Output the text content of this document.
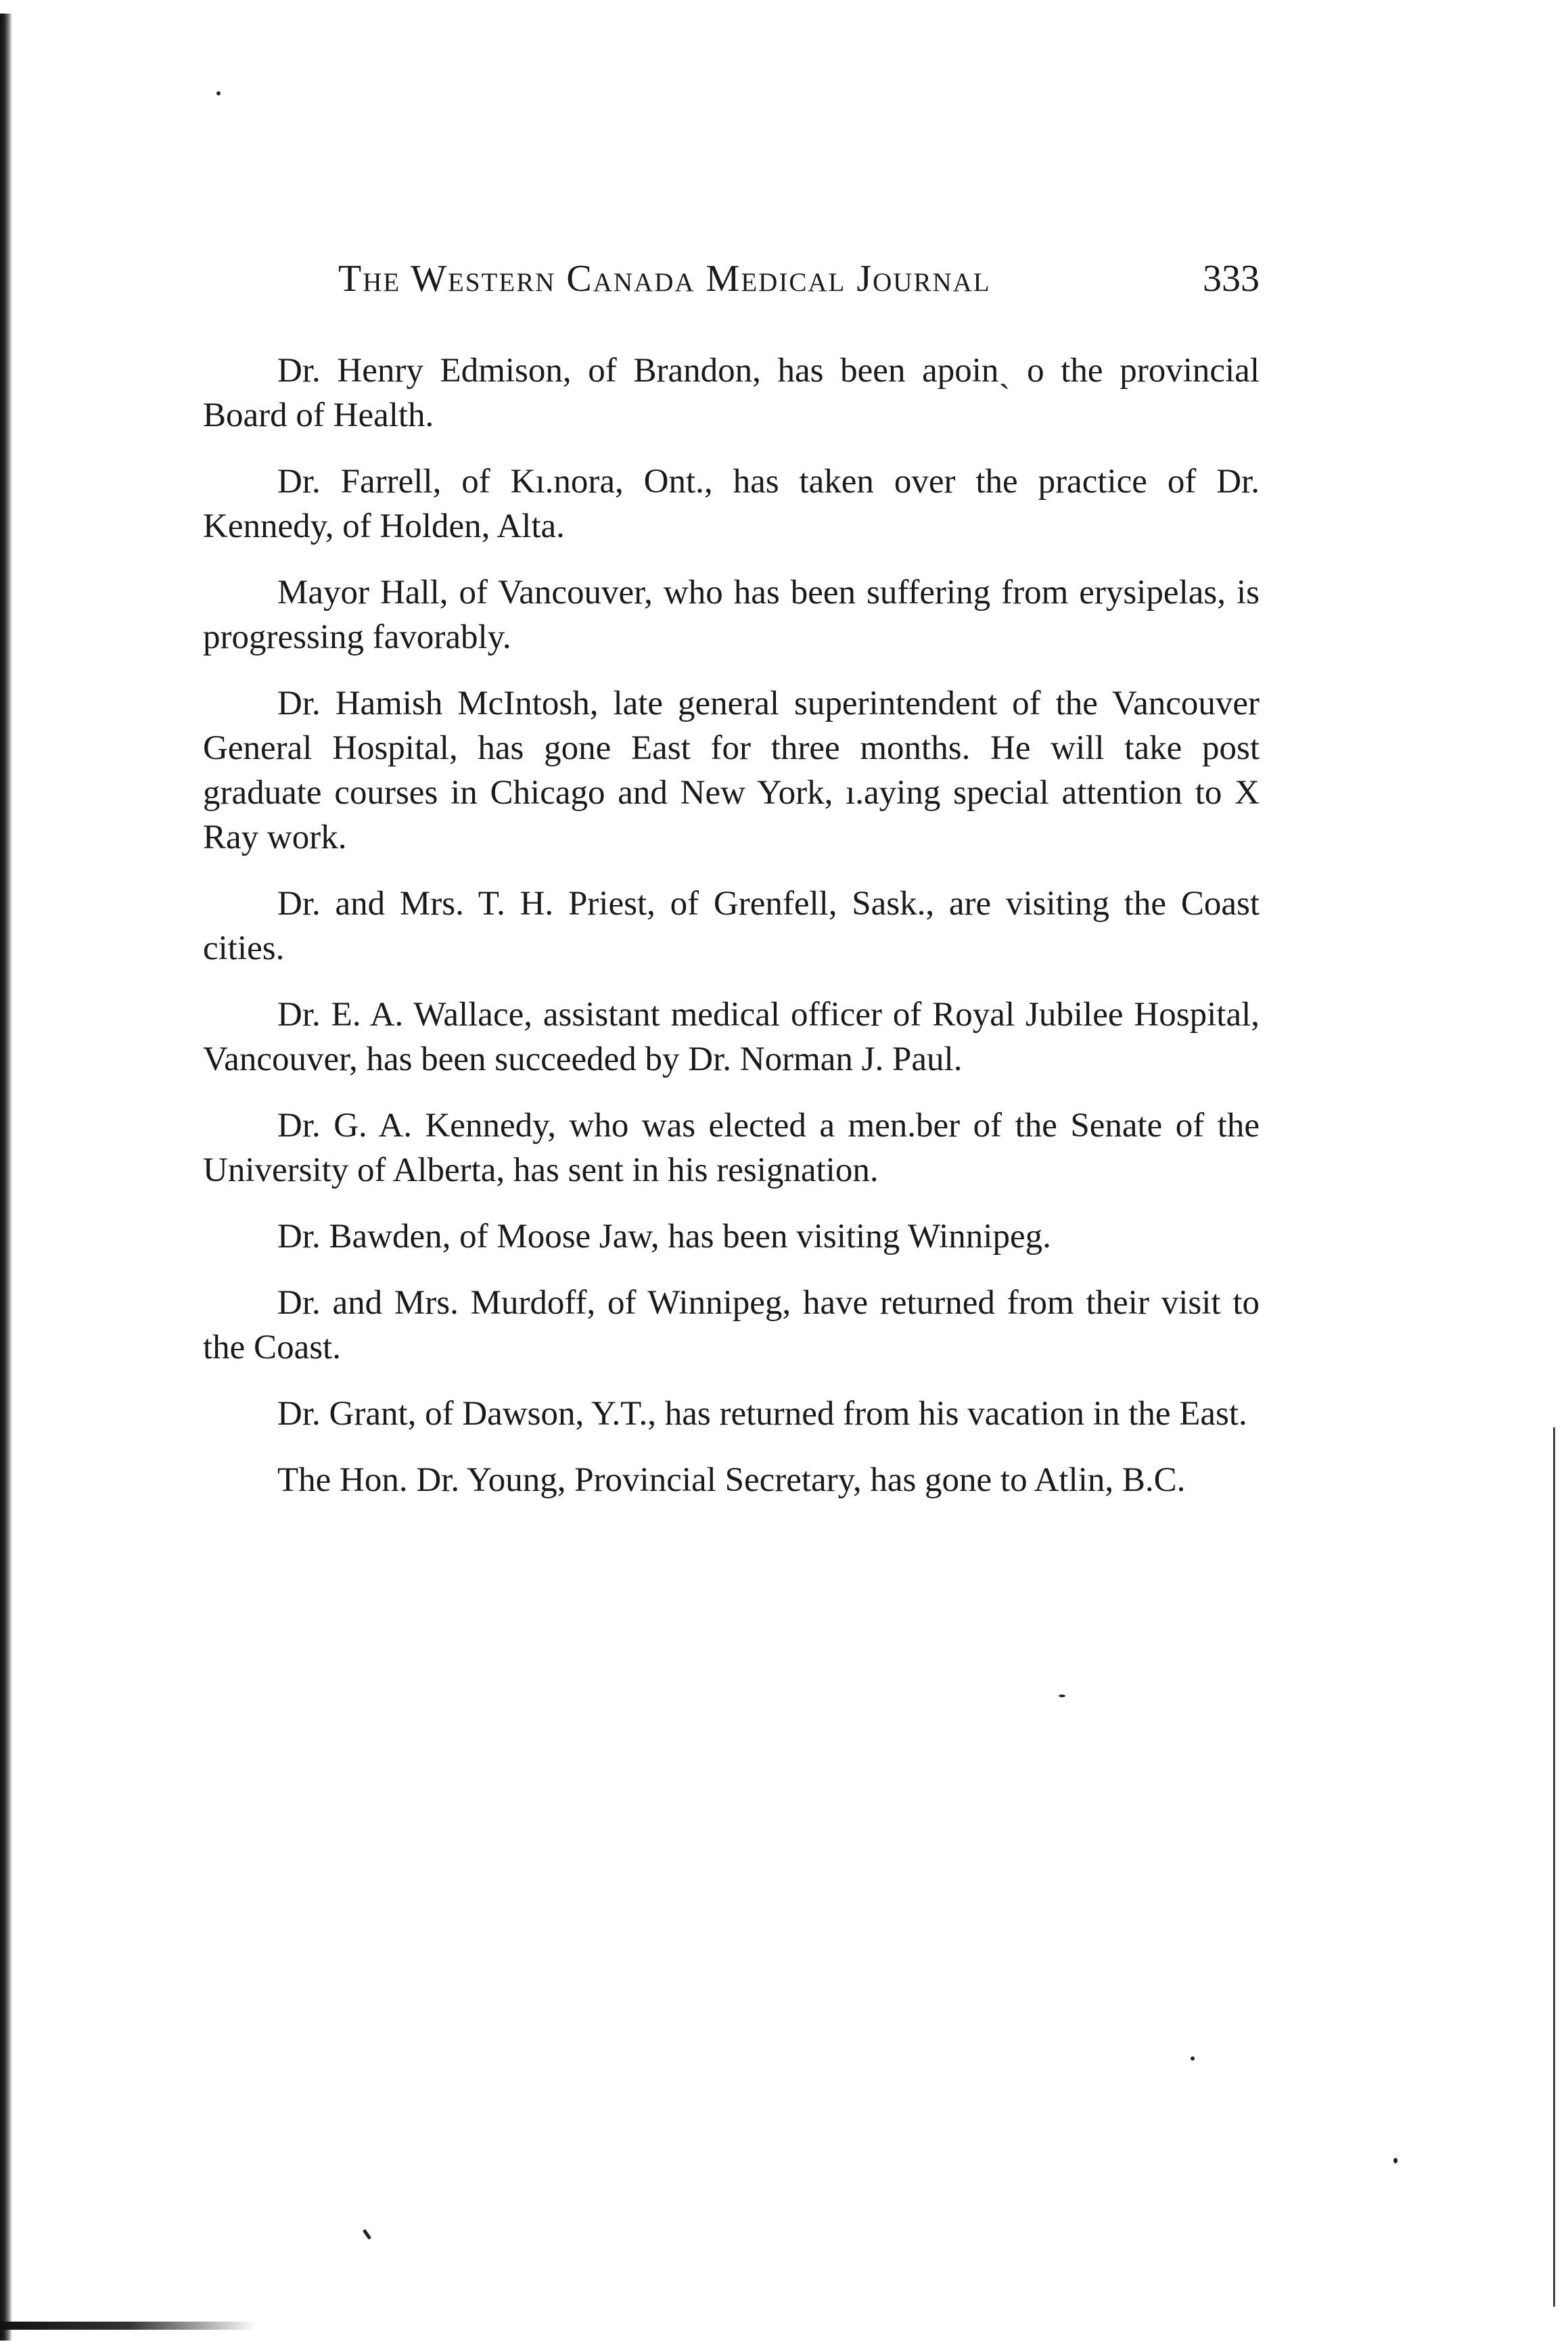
The Western Canada Medical Journal	333

Dr. Henry Edmison, of Brandon, has been apoinˎ o the provincial Board of Health.

Dr. Farrell, of Kı.nora, Ont., has taken over the practice of Dr. Kennedy, of Holden, Alta.

Mayor Hall, of Vancouver, who has been suffering from erysipelas, is progressing favorably.

Dr. Hamish McIntosh, late general superintendent of the Vancouver General Hospital, has gone East for three months. He will take post graduate courses in Chicago and New York, ı.aying special attention to X Ray work.

Dr. and Mrs. T. H. Priest, of Grenfell, Sask., are visiting the Coast cities.

Dr. E. A. Wallace, assistant medical officer of Royal Jubilee Hospital, Vancouver, has been succeeded by Dr. Norman J. Paul.

Dr. G. A. Kennedy, who was elected a men.ber of the Senate of the University of Alberta, has sent in his resignation.

Dr. Bawden, of Moose Jaw, has been visiting Winnipeg.

Dr. and Mrs. Murdoff, of Winnipeg, have returned from their visit to the Coast.

Dr. Grant, of Dawson, Y.T., has returned from his vacation in the East.

The Hon. Dr. Young, Provincial Secretary, has gone to Atlin, B.C.
